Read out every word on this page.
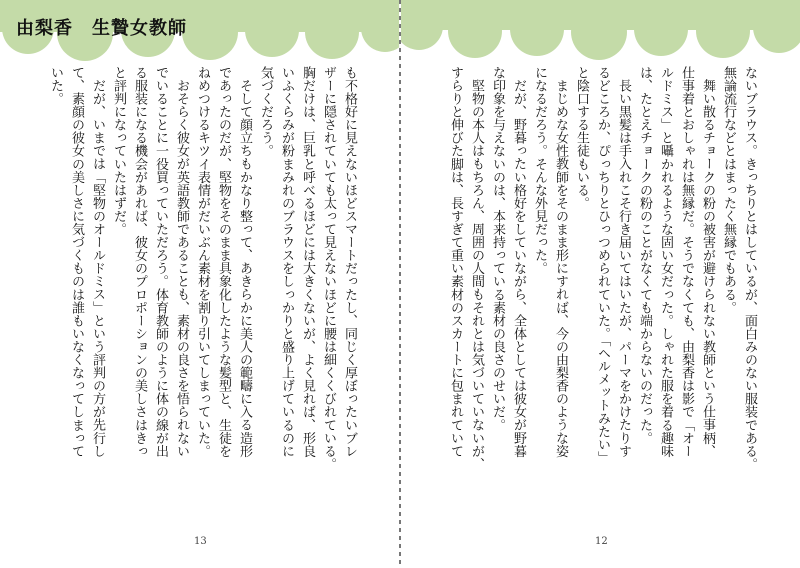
由梨香　生贄女教師
も不格好に見えないほどスマートだったし、同じく厚ぼったいブレ
ザーに隠されていても太って見えないほどに腰は細くくびれている。
胸だけは、巨乳と呼べるほどには大きくないが、よく見れば、形良
いふくらみが粉まみれのブラウスをしっかりと盛り上げているのに
気づくだろう。
そして顔立ちもかなり整って、あきらかに美人の範疇に入る造形
であったのだが、堅物をそのまま具象化したような髪型と、生徒を
ねめつけるキツイ表情がだいぶん素材を割り引いてしまっていた。
おそらく彼女が英語教師であることも、素材の良さを悟られない
でいることに一役買っていただろう。体育教師のように体の線が出
る服装になる機会があれば、彼女のプロポーションの美しさはきっ
と評判になっていたはずだ。
だが、いまでは「堅物のオールドミス」という評判の方が先行し
て、素顔の彼女の美しさに気づくものは誰もいなくなってしまって
いた。
13
ないブラウス。きっちりとはしているが、面白みのない服装である。
無論流行などとはまったく無縁でもある。
舞い散るチョークの粉の被害が避けられない教師という仕事柄、
仕事着とおしゃれは無縁だ。そうでなくても、由梨香は影で「オー
ルドミス」と囁かれるような固い女だった。しゃれた服を着る趣味
は、たとえチョークの粉のことがなくても端からないのだった。
長い黒髪は手入れこそ行き届いてはいたが、パーマをかけたりす
るどころか、ぴっちりとひっつめられていた。「ヘルメットみたい」
と陰口する生徒もいる。
まじめな女性教師をそのまま形にすれば、今の由梨香のような姿
になるだろう。そんな外見だった。
だが、野暮ったい格好をしていながら、全体としては彼女が野暮
な印象を与えないのは、本来持っている素材の良さのせいだ。
堅物の本人はもちろん、周囲の人間もそれとは気づいていないが、
すらりと伸びた脚は、長すぎて重い素材のスカートに包まれていて
12
